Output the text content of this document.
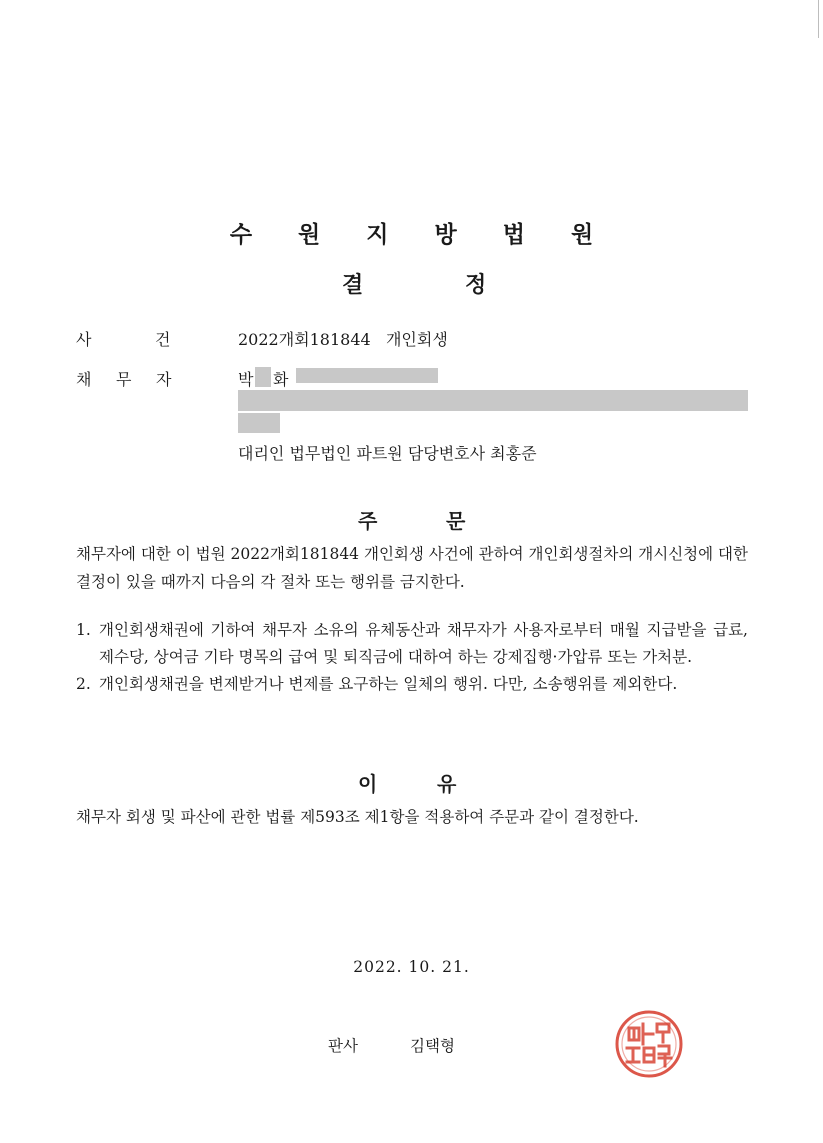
수 원 지 방 법 원
결	정
사	건	2022개회181844   개인회생
채 무 자	박 화
대리인 법무법인 파트원 담당변호사 최홍준
주	문
채무자에 대한 이 법원 2022개회181844 개인회생 사건에 관하여 개인회생절차의 개시신청에 대한 결정이 있을 때까지 다음의 각 절차 또는 행위를 금지한다.
1. 개인회생채권에 기하여 채무자 소유의 유체동산과 채무자가 사용자로부터 매월 지급받을 급료, 제수당, 상여금 기타 명목의 급여 및 퇴직금에 대하여 하는 강제집행·가압류 또는 가처분.
2. 개인회생채권을 변제받거나 변제를 요구하는 일체의 행위. 다만, 소송행위를 제외한다.
이	유
채무자 회생 및 파산에 관한 법률 제593조 제1항을 적용하여 주문과 같이 결정한다.
2022. 10. 21.
판사	김택형
